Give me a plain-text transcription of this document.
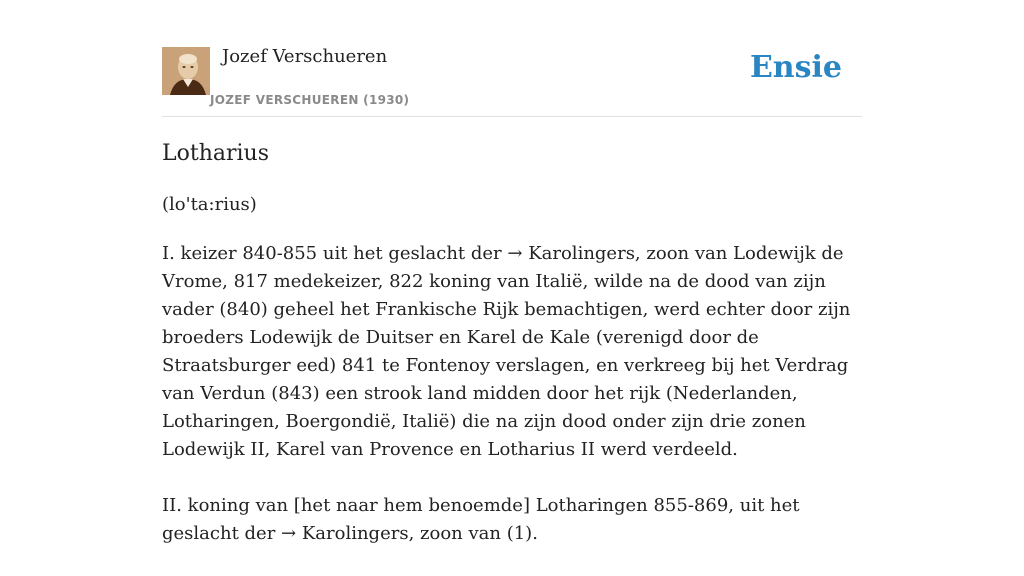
Jozef Verschueren
JOZEF VERSCHUEREN (1930)
Ensie
Lotharius
(lo'ta:rius)

I. keizer 840-855 uit het geslacht der → Karolingers, zoon van Lodewijk de Vrome, 817 medekeizer, 822 koning van Italië, wilde na de dood van zijn vader (840) geheel het Frankische Rijk bemachtigen, werd echter door zijn broeders Lodewijk de Duitser en Karel de Kale (verenigd door de Straatsburger eed) 841 te Fontenoy verslagen, en verkreeg bij het Verdrag van Verdun (843) een strook land midden door het rijk (Nederlanden, Lotharingen, Boergondië, Italië) die na zijn dood onder zijn drie zonen Lodewijk II, Karel van Provence en Lotharius II werd verdeeld.

II. koning van [het naar hem benoemde] Lotharingen 855-869, uit het geslacht der → Karolingers, zoon van (1).
